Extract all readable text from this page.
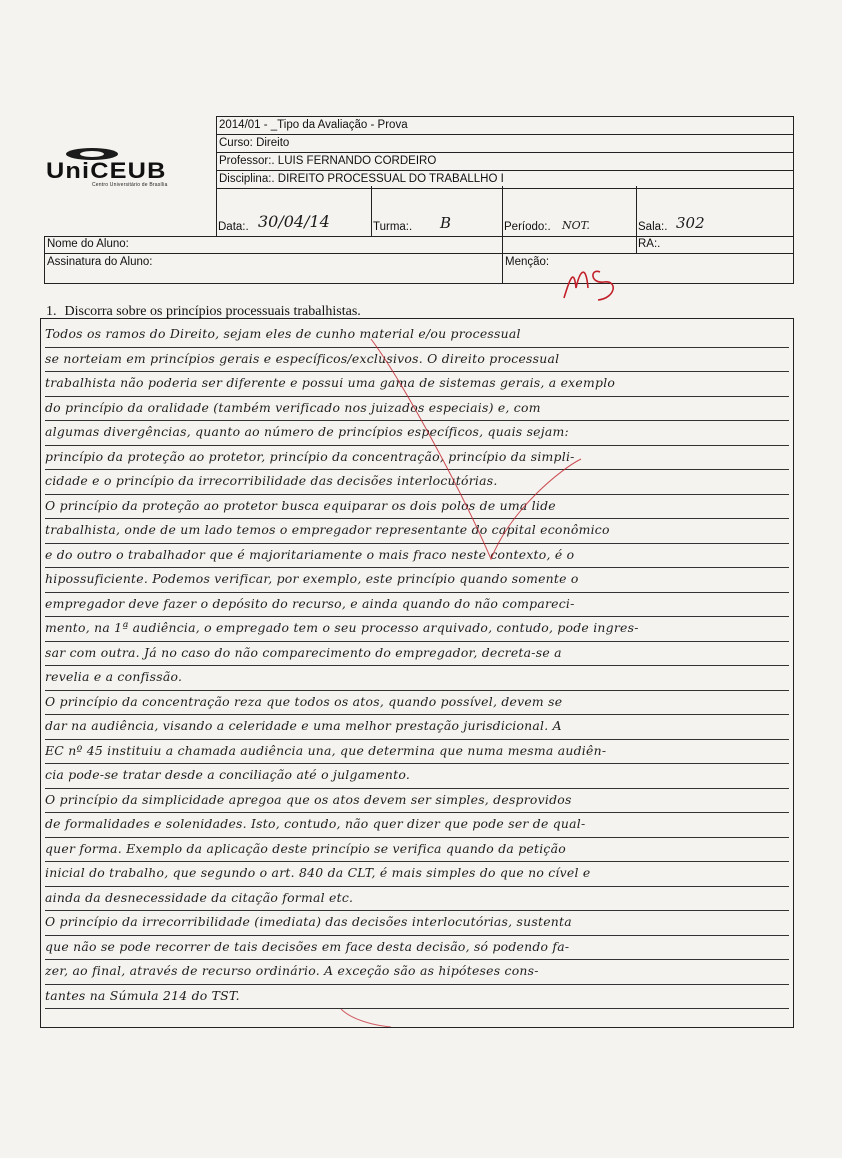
UniCEUB
Centro Universitário de Brasília
2014/01 - _Tipo da Avaliação - Prova
Curso: Direito
Professor:. LUIS FERNANDO CORDEIRO
Disciplina:. DIREITO PROCESSUAL DO TRABALLHO I
Data:. 30/04/14	Turma:. B	Período:. NOT.	Sala:. 302
Nome do Aluno:	RA:.
Assinatura do Aluno:	Menção:
1. Discorra sobre os princípios processuais trabalhistas.
Todos os ramos do Direito, sejam eles de cunho material e/ou processual
se norteiam em princípios gerais e específicos/exclusivos. O direito processual
trabalhista não poderia ser diferente e possui uma gama de sistemas gerais, a exemplo
do princípio da oralidade (também verificado nos juizados especiais) e, com
algumas divergências, quanto ao número de princípios específicos, quais sejam:
princípio da proteção ao protetor, princípio da concentração, princípio da simpli-
cidade e o princípio da irrecorribilidade das decisões interlocutórias.
O princípio da proteção ao protetor busca equiparar os dois polos de uma lide
trabalhista, onde de um lado temos o empregador representante do capital econômico
e do outro o trabalhador que é majoritariamente o mais fraco neste contexto, é o
hipossuficiente. Podemos verificar, por exemplo, este princípio quando somente o
empregador deve fazer o depósito do recurso, e ainda quando do não compareci-
mento, na 1ª audiência, o empregado tem o seu processo arquivado, contudo, pode ingres-
sar com outra. Já no caso do não comparecimento do empregador, decreta-se a
revelia e a confissão.
O princípio da concentração reza que todos os atos, quando possível, devem se
dar na audiência, visando a celeridade e uma melhor prestação jurisdicional. A
EC nº 45 instituiu a chamada audiência una, que determina que numa mesma audiên-
cia pode-se tratar desde a conciliação até o julgamento.
O princípio da simplicidade apregoa que os atos devem ser simples, desprovidos
de formalidades e solenidades. Isto, contudo, não quer dizer que pode ser de qual-
quer forma. Exemplo da aplicação deste princípio se verifica quando da petição
inicial do trabalho, que segundo o art. 840 da CLT, é mais simples do que no cível e
ainda da desnecessidade da citação formal etc.
O princípio da irrecorribilidade (imediata) das decisões interlocutórias, sustenta
que não se pode recorrer de tais decisões em face desta decisão, só podendo fa-
zer, ao final, através de recurso ordinário. A exceção são as hipóteses cons-
tantes na Súmula 214 do TST.
